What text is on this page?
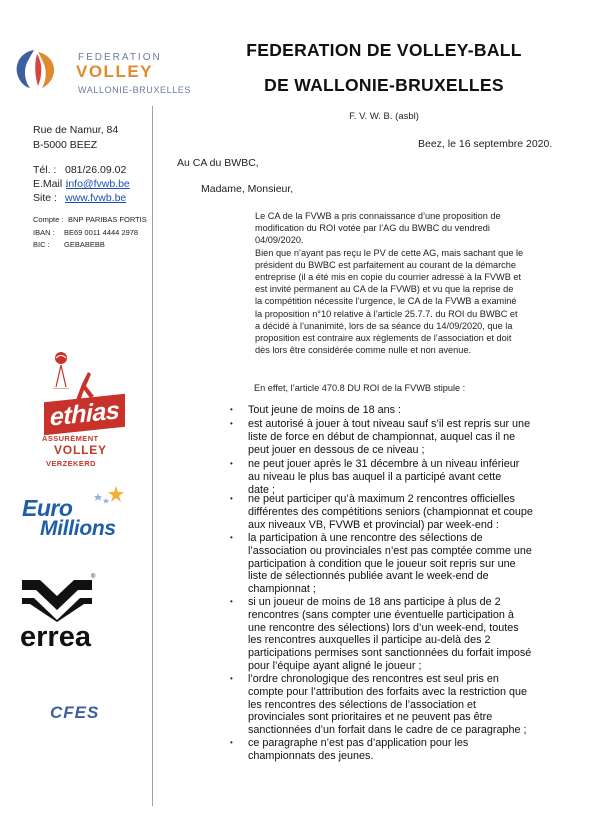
FEDERATION
VOLLEY
WALLONIE-BRUXELLES
Rue de Namur, 84
B-5000 BEEZ
Tél. : 081/26.09.02
E.Mail :
info@fvwb.be
Site : www.fvwb.be
Compte : BNP PARIBAS FORTIS
IBAN : BE69 0011 4444 2978
BIC : GEBABEBB
ethias
ASSURÉMENT
VOLLEY
VERZEKERD
Euro
Millions
®
errea
CFES
FEDERATION DE VOLLEY-BALL
DE WALLONIE-BRUXELLES
F. V. W. B. (asbl)
Beez, le 16 septembre 2020.
Au CA du BWBC,
Madame, Monsieur,
Le CA de la FVWB a pris connaissance d’une proposition de
modification du ROI votée par l’AG du BWBC du vendredi
04/09/2020.
Bien que n’ayant pas reçu le PV de cette AG, mais sachant que le
président du BWBC est parfaitement au courant de la démarche
entreprise (il a été mis en copie du courrier adressé à la FVWB et
est invité permanent au CA de la FVWB) et vu que la reprise de
la compétition nécessite l’urgence, le CA de la FVWB a examiné
la proposition n°10 relative à l’article 25.7.7. du ROI du BWBC et
a décidé à l’unanimité, lors de sa séance du 14/09/2020, que la
proposition est contraire aux règlements de l’association et doit
dès lors être considérée comme nulle et non avenue.
En effet, l’article 470.8 DU ROI de la FVWB stipule :
• Tout jeune de moins de 18 ans :
• est autorisé à jouer à tout niveau sauf s’il est repris sur une
liste de force en début de championnat, auquel cas il ne
peut jouer en dessous de ce niveau ;
• ne peut jouer après le 31 décembre à un niveau inférieur
au niveau le plus bas auquel il a participé avant cette
date ;
• ne peut participer qu’à maximum 2 rencontres officielles
différentes des compétitions seniors (championnat et coupe
aux niveaux VB, FVWB et provincial) par week-end :
• la participation à une rencontre des sélections de
l’association ou provinciales n’est pas comptée comme une
participation à condition que le joueur soit repris sur une
liste de sélectionnés publiée avant le week-end de
championnat ;
• si un joueur de moins de 18 ans participe à plus de 2
rencontres (sans compter une éventuelle participation à
une rencontre des sélections) lors d’un week-end, toutes
les rencontres auxquelles il participe au-delà des 2
participations permises sont sanctionnées du forfait imposé
pour l’équipe ayant aligné le joueur ;
• l’ordre chronologique des rencontres est seul pris en
compte pour l’attribution des forfaits avec la restriction que
les rencontres des sélections de l’association et
provinciales sont prioritaires et ne peuvent pas être
sanctionnées d’un forfait dans le cadre de ce paragraphe ;
• ce paragraphe n’est pas d’application pour les
championnats des jeunes.
